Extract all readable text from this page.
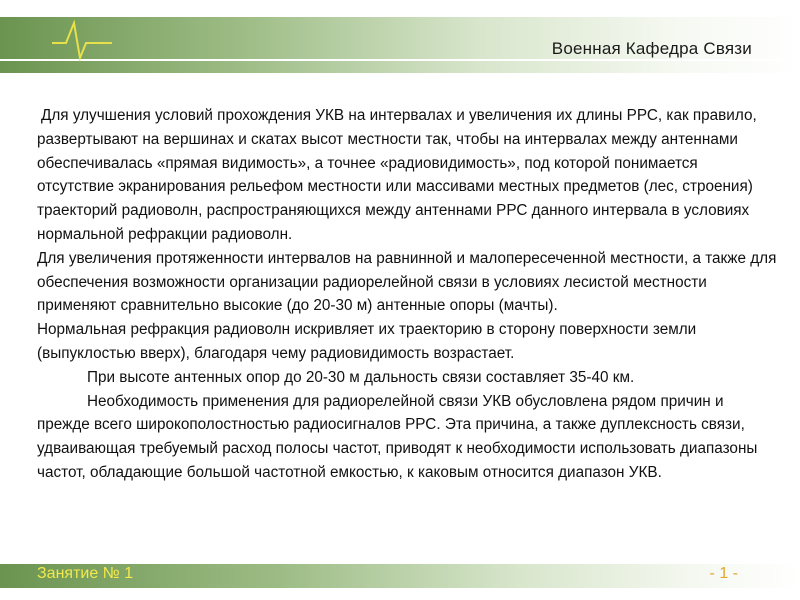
Военная Кафедра Связи

Для улучшения условий прохождения УКВ на интервалах и увеличения их длины РРС, как правило, развертывают на вершинах и скатах высот местности так, чтобы на интервалах между антеннами обеспечивалась «прямая видимость», а точнее «радиовидимость», под которой понимается отсутствие экранирования рельефом местности или массивами местных предметов (лес, строения) траекторий радиоволн, распространяющихся между антеннами РРС данного интервала в условиях нормальной рефракции радиоволн.

Для увеличения протяженности интервалов на равнинной и малопересеченной местности, а также для обеспечения возможности организации радиорелейной связи в условиях лесистой местности применяют сравнительно высокие (до 20-30 м) антенные опоры (мачты).

Нормальная рефракция радиоволн искривляет их траекторию в сторону поверхности земли (выпуклостью вверх), благодаря чему радиовидимость возрастает.

При высоте антенных опор до 20-30 м дальность связи составляет 35-40 км.

Необходимость применения для радиорелейной связи УКВ обусловлена рядом причин и прежде всего широкополостностью радиосигналов РРС. Эта причина, а также дуплексность связи, удваивающая требуемый расход полосы частот, приводят к необходимости использовать диапазоны частот, обладающие большой частотной емкостью, к каковым относится диапазон УКВ.

Занятие № 1	- 1 -
